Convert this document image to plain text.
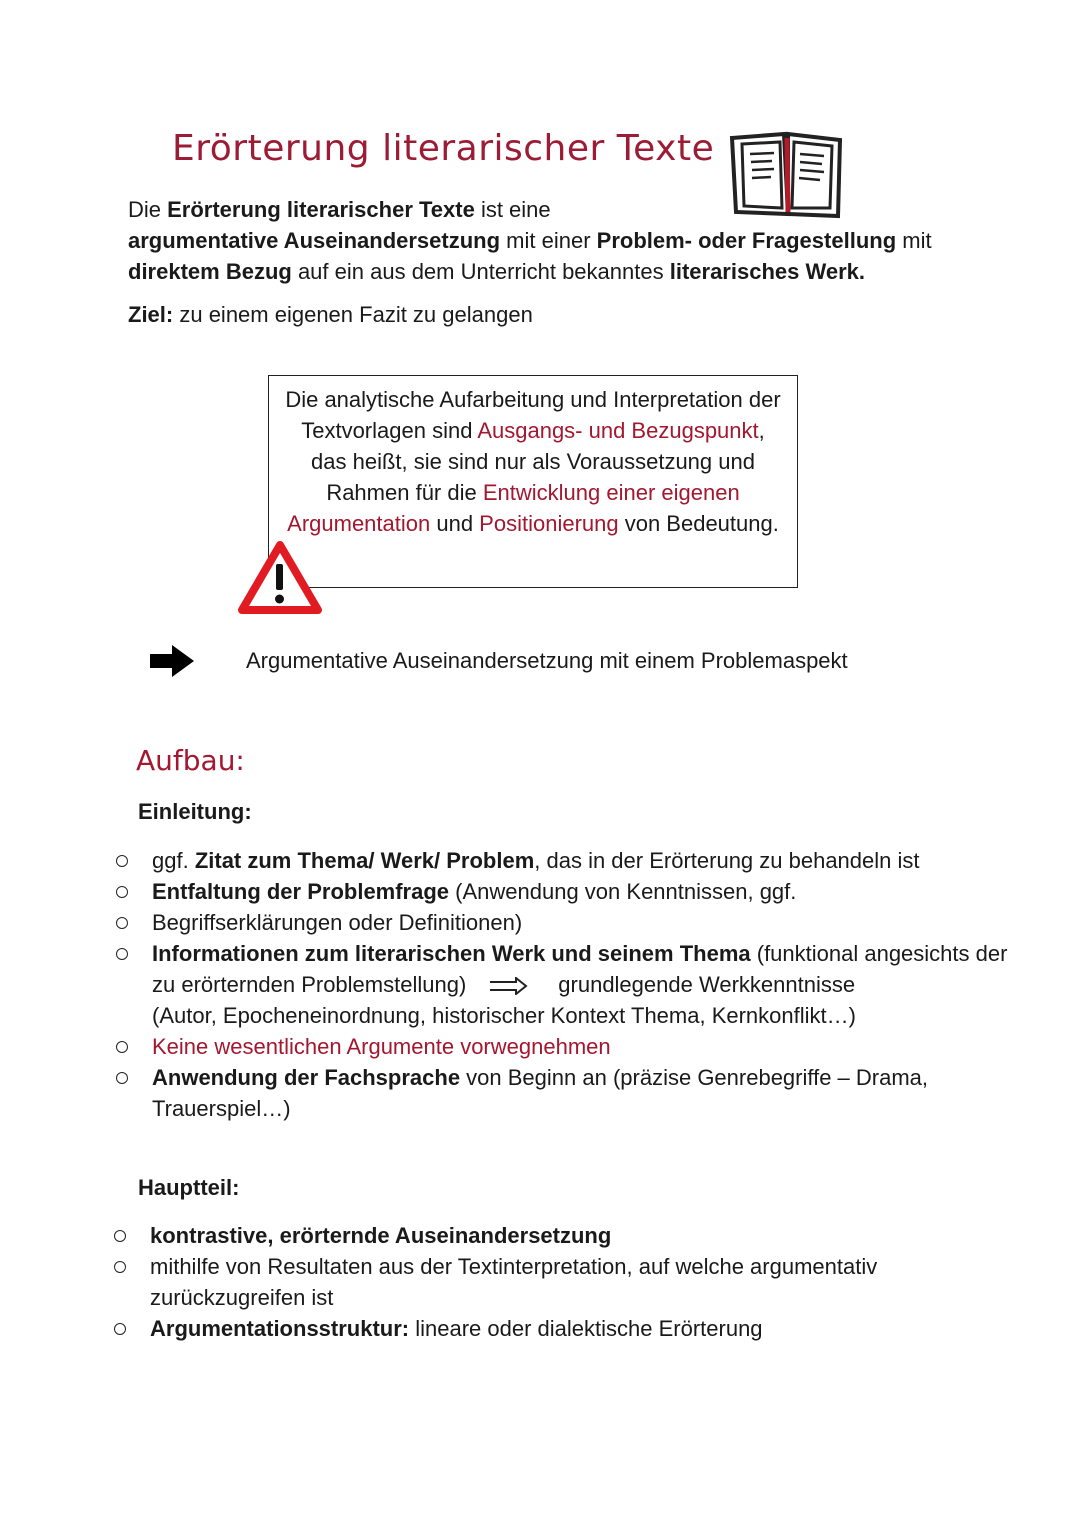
Erörterung literarischer Texte
Die Erörterung literarischer Texte ist eine
argumentative Auseinandersetzung mit einer Problem- oder Fragestellung mit
direktem Bezug auf ein aus dem Unterricht bekanntes literarisches Werk.
Ziel: zu einem eigenen Fazit zu gelangen
Die analytische Aufarbeitung und Interpretation der Textvorlagen sind Ausgangs- und Bezugspunkt, das heißt, sie sind nur als Voraussetzung und Rahmen für die Entwicklung einer eigenen Argumentation und Positionierung von Bedeutung.
Argumentative Auseinandersetzung mit einem Problemaspekt
Aufbau:
Einleitung:
ggf. Zitat zum Thema/ Werk/ Problem, das in der Erörterung zu behandeln ist
Entfaltung der Problemfrage (Anwendung von Kenntnissen, ggf.
Begriffserklärungen oder Definitionen)
Informationen zum literarischen Werk und seinem Thema (funktional angesichts der zu erörternden Problemstellung)	grundlegende Werkkenntnisse
(Autor, Epocheneinordnung, historischer Kontext Thema, Kernkonflikt…)
Keine wesentlichen Argumente vorwegnehmen
Anwendung der Fachsprache von Beginn an (präzise Genrebegriffe – Drama, Trauerspiel…)
Hauptteil:
kontrastive, erörternde Auseinandersetzung
mithilfe von Resultaten aus der Textinterpretation, auf welche argumentativ zurückzugreifen ist
Argumentationsstruktur: lineare oder dialektische Erörterung
